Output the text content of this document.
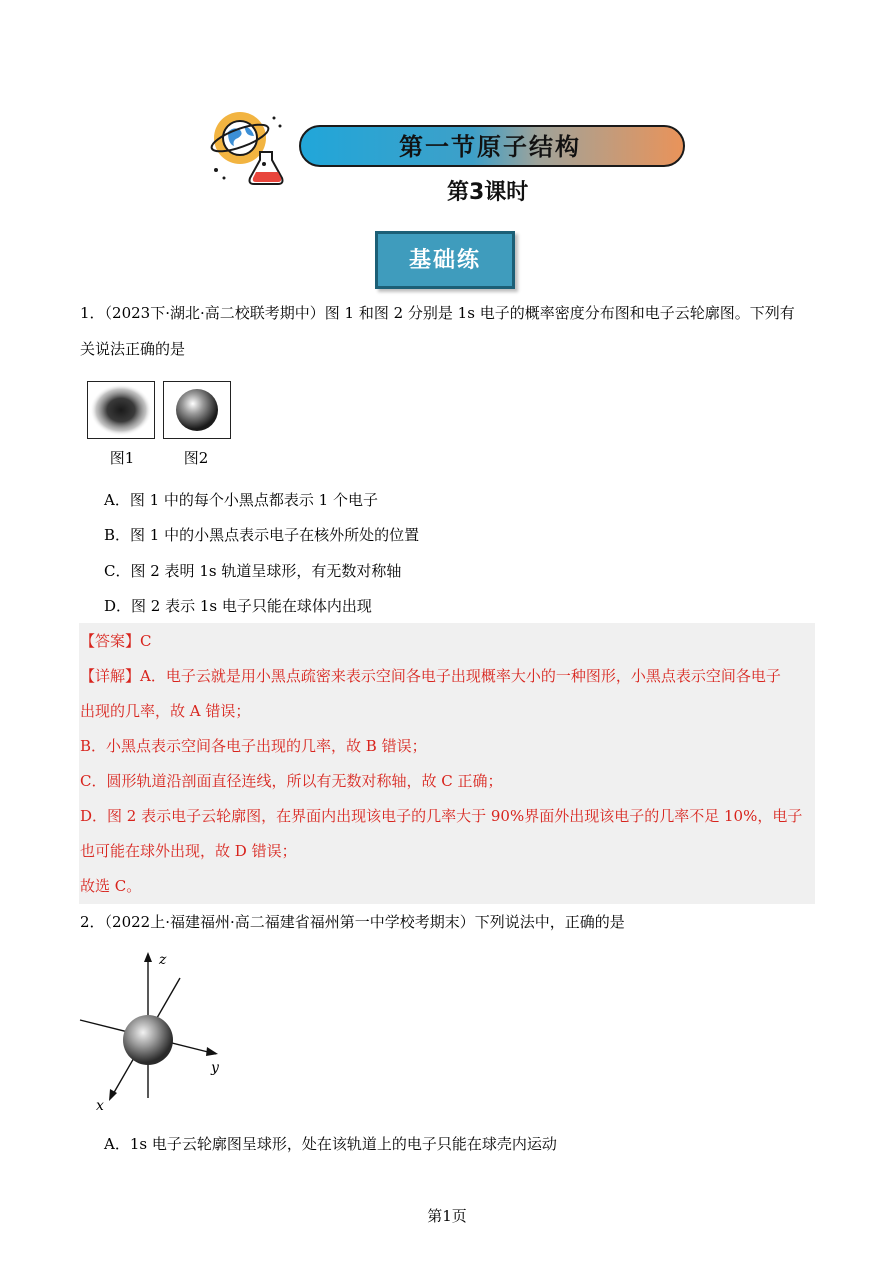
第一节原子结构
第3课时
基础练
1．（2023下·湖北·高二校联考期中）图 1 和图 2 分别是 1s 电子的概率密度分布图和电子云轮廓图。下列有
关说法正确的是
图1	图2
A．图 1 中的每个小黑点都表示 1 个电子
B．图 1 中的小黑点表示电子在核外所处的位置
C．图 2 表明 1s 轨道呈球形，有无数对称轴
D．图 2 表示 1s 电子只能在球体内出现
【答案】C
【详解】A．电子云就是用小黑点疏密来表示空间各电子出现概率大小的一种图形，小黑点表示空间各电子
出现的几率，故 A 错误；
B．小黑点表示空间各电子出现的几率，故 B 错误；
C．圆形轨道沿剖面直径连线，所以有无数对称轴，故 C 正确；
D．图 2 表示电子云轮廓图，在界面内出现该电子的几率大于 90%界面外出现该电子的几率不足 10%，电子
也可能在球外出现，故 D 错误；
故选 C。
2．（2022上·福建福州·高二福建省福州第一中学校考期末）下列说法中，正确的是
z
y
x
A．1s 电子云轮廓图呈球形，处在该轨道上的电子只能在球壳内运动
第1页
